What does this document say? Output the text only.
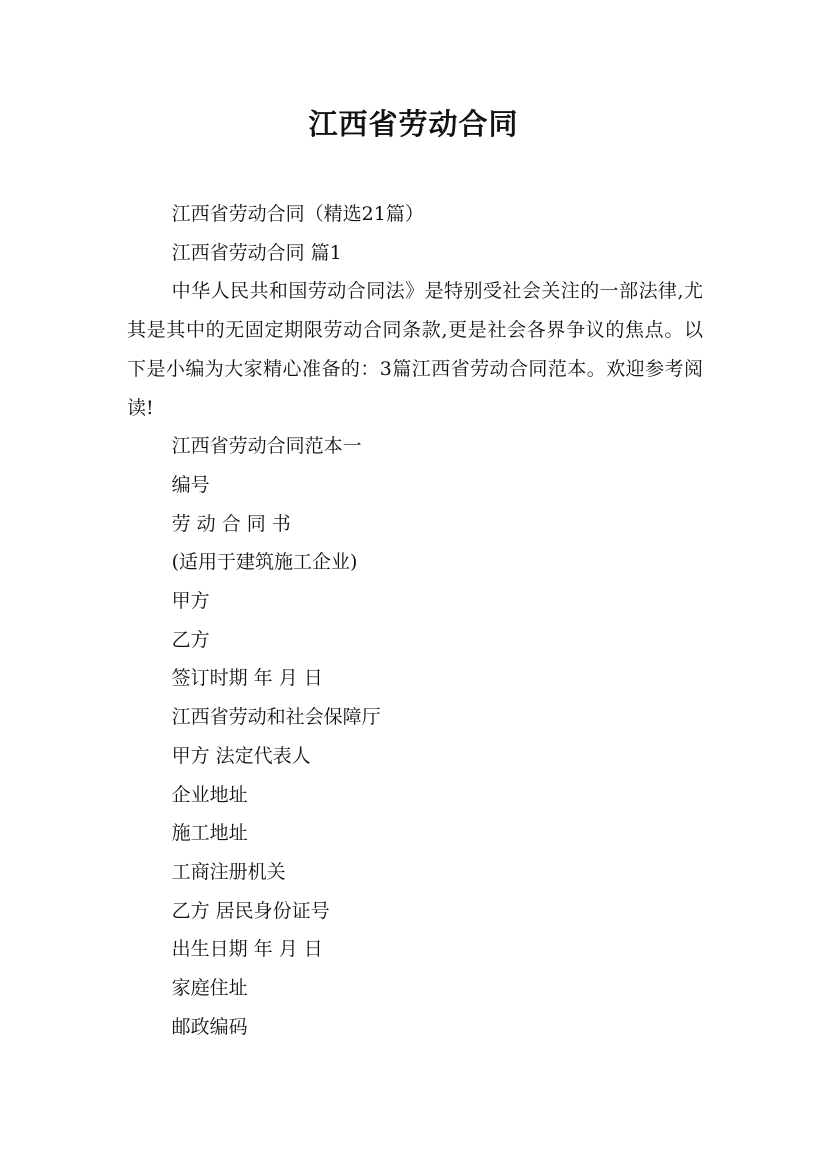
江西省劳动合同

江西省劳动合同（精选21篇）

江西省劳动合同 篇1

中华人民共和国劳动合同法》是特别受社会关注的一部法律,尤其是其中的无固定期限劳动合同条款,更是社会各界争议的焦点。以下是小编为大家精心准备的：3篇江西省劳动合同范本。欢迎参考阅读!

江西省劳动合同范本一

编号

劳 动 合 同 书

(适用于建筑施工企业)

甲方

乙方

签订时期 年 月 日

江西省劳动和社会保障厅

甲方 法定代表人

企业地址

施工地址

工商注册机关

乙方 居民身份证号

出生日期 年 月 日

家庭住址

邮政编码
